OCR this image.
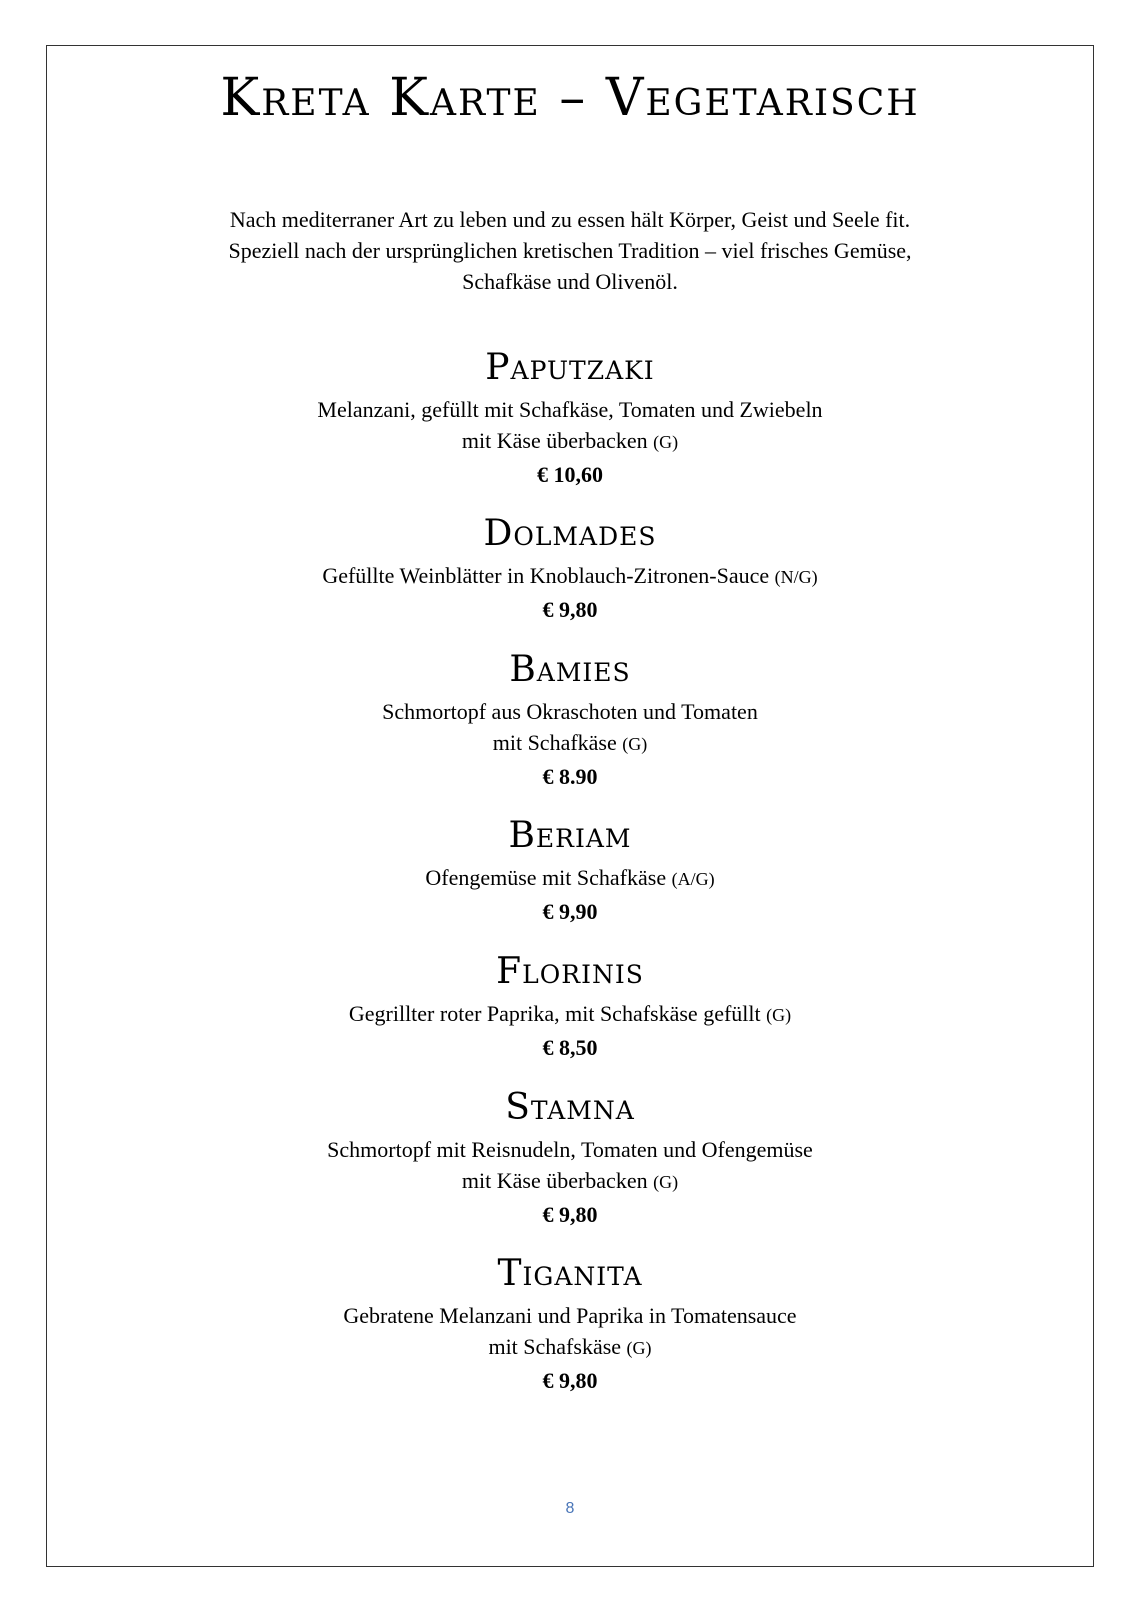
Kreta Karte – Vegetarisch

Nach mediterraner Art zu leben und zu essen hält Körper, Geist und Seele fit.

Speziell nach der ursprünglichen kretischen Tradition – viel frisches Gemüse,

Schafkäse und Olivenöl.

Paputzaki

Melanzani, gefüllt mit Schafkäse, Tomaten und Zwiebeln

mit Käse überbacken (G)

€ 10,60

Dolmades

Gefüllte Weinblätter in Knoblauch-Zitronen-Sauce (N/G)

€ 9,80

Bamies

Schmortopf aus Okraschoten und Tomaten

mit Schafkäse (G)

€ 8.90

Beriam

Ofengemüse mit Schafkäse (A/G)

€ 9,90

Florinis

Gegrillter roter Paprika, mit Schafskäse gefüllt (G)

€ 8,50

Stamna

Schmortopf mit Reisnudeln, Tomaten und Ofengemüse

mit Käse überbacken (G)

€ 9,80

Tiganita

Gebratene Melanzani und Paprika in Tomatensauce

mit Schafskäse (G)

€ 9,80

8
